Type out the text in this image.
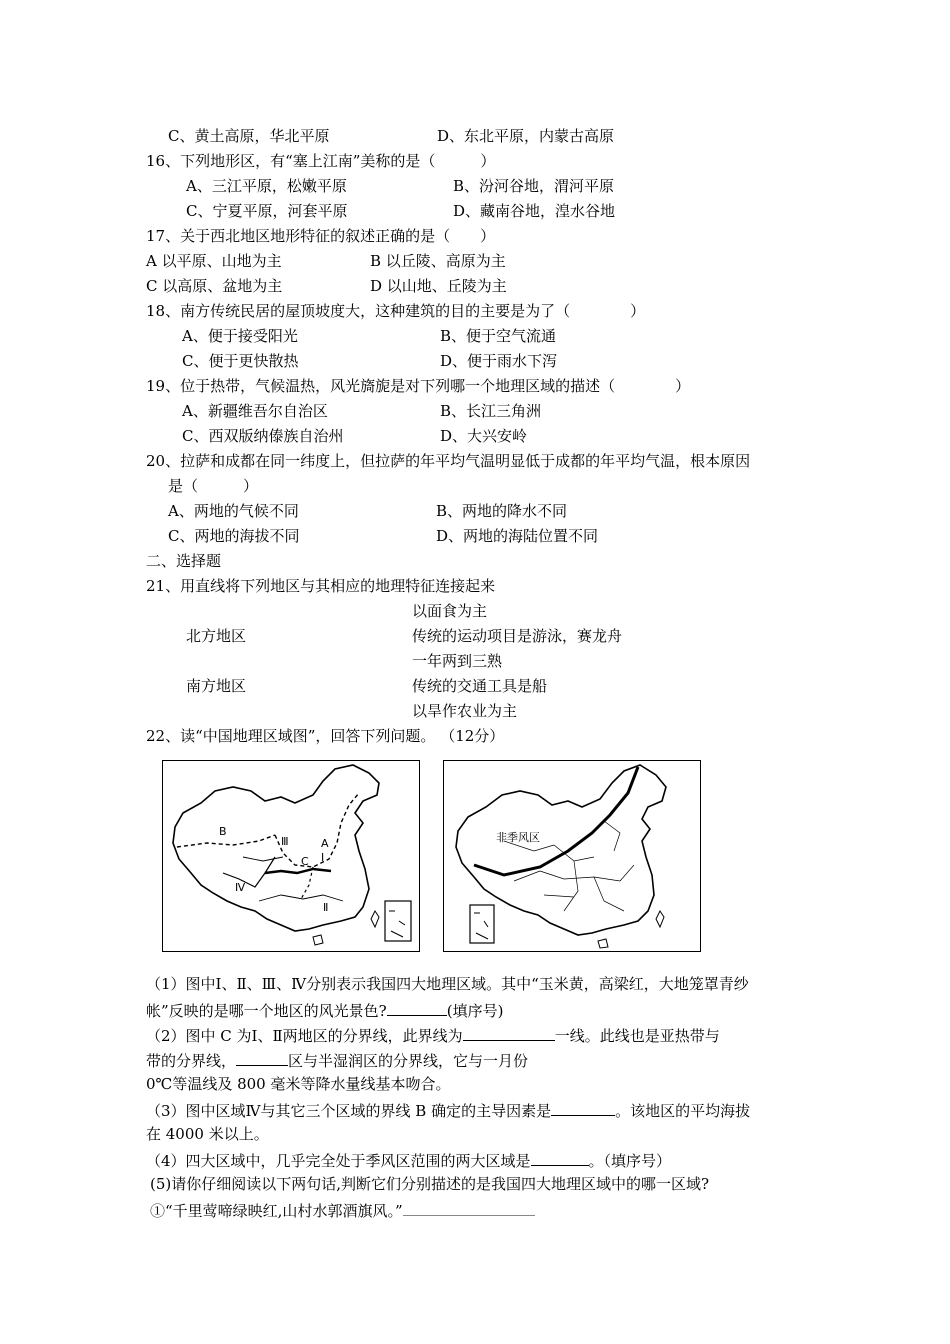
C、黄土高原，华北平原	D、东北平原，内蒙古高原
16、下列地形区，有“塞上江南”美称的是（　　　）
A、三江平原，松嫩平原	B、汾河谷地，渭河平原
C、宁夏平原，河套平原	D、藏南谷地，湟水谷地
17、关于西北地区地形特征的叙述正确的是（　　）
A 以平原、山地为主	B 以丘陵、高原为主
C 以高原、盆地为主	D 以山地、丘陵为主
18、南方传统民居的屋顶坡度大，这种建筑的目的主要是为了（　　　　）
A、便于接受阳光	B、便于空气流通
C、便于更快散热	D、便于雨水下泻
19、位于热带，气候温热，风光旖旎是对下列哪一个地理区域的描述（　　　　）
A、新疆维吾尔自治区	B、长江三角洲
C、西双版纳傣族自治州	D、大兴安岭
20、拉萨和成都在同一纬度上，但拉萨的年平均气温明显低于成都的年平均气温，根本原因
是（　　　）
A、两地的气候不同	B、两地的降水不同
C、两地的海拔不同	D、两地的海陆位置不同
二、选择题
21、用直线将下列地区与其相应的地理特征连接起来
以面食为主
北方地区	传统的运动项目是游泳，赛龙舟
一年两到三熟
南方地区	传统的交通工具是船
以旱作农业为主
22、读“中国地理区域图”，回答下列问题。 （12分）
B
Ⅲ	A
Ⅰ
C
Ⅳ
Ⅱ
非季风区
（1）图中Ⅰ、Ⅱ、Ⅲ、Ⅳ分别表示我国四大地理区域。其中“玉米黄，高梁红，大地笼罩青纱
帐”反映的是哪一个地区的风光景色?	(填序号)
（2）图中 C 为Ⅰ、Ⅱ两地区的分界线，此界线为	一线。此线也是亚热带与
带的分界线，	区与半湿润区的分界线，它与一月份
0℃等温线及 800 毫米等降水量线基本吻合。
（3）图中区域Ⅳ与其它三个区域的界线 B 确定的主导因素是	。该地区的平均海拔
在 4000 米以上。
（4）四大区域中，几乎完全处于季风区范围的两大区域是	。（填序号）
(5)请你仔细阅读以下两句话,判断它们分别描述的是我国四大地理区域中的哪一区域?
①“千里莺啼绿映红,山村水郭酒旗风。”
